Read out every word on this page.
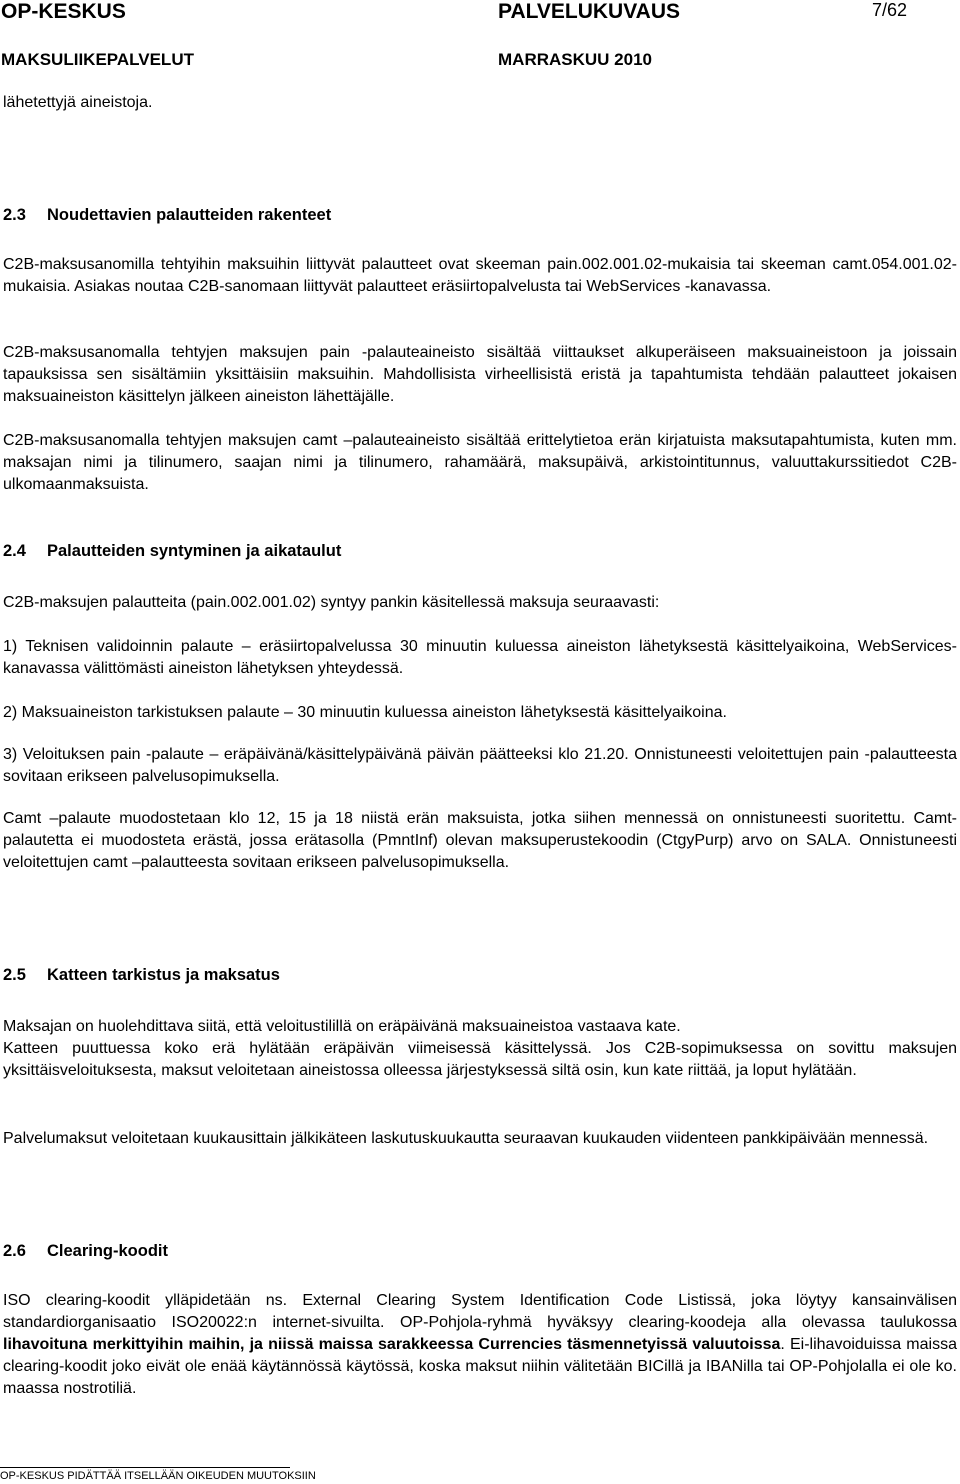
OP-KESKUS	PALVELUKUVAUS	7/62
MAKSULIIKEPALVELUT	MARRASKUU 2010

lähetettyjä aineistoja.

2.3 Noudettavien palautteiden rakenteet

C2B-maksusanomilla tehtyihin maksuihin liittyvät palautteet ovat skeeman pain.002.001.02-mukaisia tai skeeman camt.054.001.02-mukaisia. Asiakas noutaa C2B-sanomaan liittyvät palautteet eräsiirtopalvelusta tai WebServices -kanavassa.

C2B-maksusanomalla tehtyjen maksujen pain -palauteaineisto sisältää viittaukset alkuperäiseen maksuaineistoon ja joissain tapauksissa sen sisältämiin yksittäisiin maksuihin. Mahdollisista virheellisistä eristä ja tapahtumista tehdään palautteet jokaisen maksuaineiston käsittelyn jälkeen aineiston lähettäjälle.

C2B-maksusanomalla tehtyjen maksujen camt –palauteaineisto sisältää erittelytietoa erän kirjatuista maksutapahtumista, kuten mm. maksajan nimi ja tilinumero, saajan nimi ja tilinumero, rahamäärä, maksupäivä, arkistointitunnus, valuuttakurssitiedot C2B-ulkomaanmaksuista.

2.4 Palautteiden syntyminen ja aikataulut

C2B-maksujen palautteita (pain.002.001.02) syntyy pankin käsitellessä maksuja seuraavasti:

1) Teknisen validoinnin palaute – eräsiirtopalvelussa 30 minuutin kuluessa aineiston lähetyksestä käsittelyaikoina, WebServices-kanavassa välittömästi aineiston lähetyksen yhteydessä.

2) Maksuaineiston tarkistuksen palaute – 30 minuutin kuluessa aineiston lähetyksestä käsittelyaikoina.

3) Veloituksen pain -palaute – eräpäivänä/käsittelypäivänä päivän päätteeksi klo 21.20. Onnistuneesti veloitettujen pain -palautteesta sovitaan erikseen palvelusopimuksella.

Camt –palaute muodostetaan klo 12, 15 ja 18 niistä erän maksuista, jotka siihen mennessä on onnistuneesti suoritettu. Camt-palautetta ei muodosteta erästä, jossa erätasolla (PmntInf) olevan maksuperustekoodin (CtgyPurp) arvo on SALA. Onnistuneesti veloitettujen camt –palautteesta sovitaan erikseen palvelusopimuksella.

2.5 Katteen tarkistus ja maksatus

Maksajan on huolehdittava siitä, että veloitustilillä on eräpäivänä maksuaineistoa vastaava kate.

Katteen puuttuessa koko erä hylätään eräpäivän viimeisessä käsittelyssä. Jos C2B-sopimuksessa on sovittu maksujen yksittäisveloituksesta, maksut veloitetaan aineistossa olleessa järjestyksessä siltä osin, kun kate riittää, ja loput hylätään.

Palvelumaksut veloitetaan kuukausittain jälkikäteen laskutuskuukautta seuraavan kuukauden viidenteen pankkipäivään mennessä.

2.6 Clearing-koodit

ISO clearing-koodit ylläpidetään ns. External Clearing System Identification Code Listissä, joka löytyy kansainvälisen standardiorganisaatio ISO20022:n internet-sivuilta. OP-Pohjola-ryhmä hyväksyy clearing-koodeja alla olevassa taulukossa lihavoituna merkittyihin maihin, ja niissä maissa sarakkeessa Currencies täsmennetyissä valuutoissa. Ei-lihavoiduissa maissa clearing-koodit joko eivät ole enää käytännössä käytössä, koska maksut niihin välitetään BICillä ja IBANilla tai OP-Pohjolalla ei ole ko. maassa nostrotiliä.

OP-KESKUS PIDÄTTÄÄ ITSELLÄÄN OIKEUDEN MUUTOKSIIN
